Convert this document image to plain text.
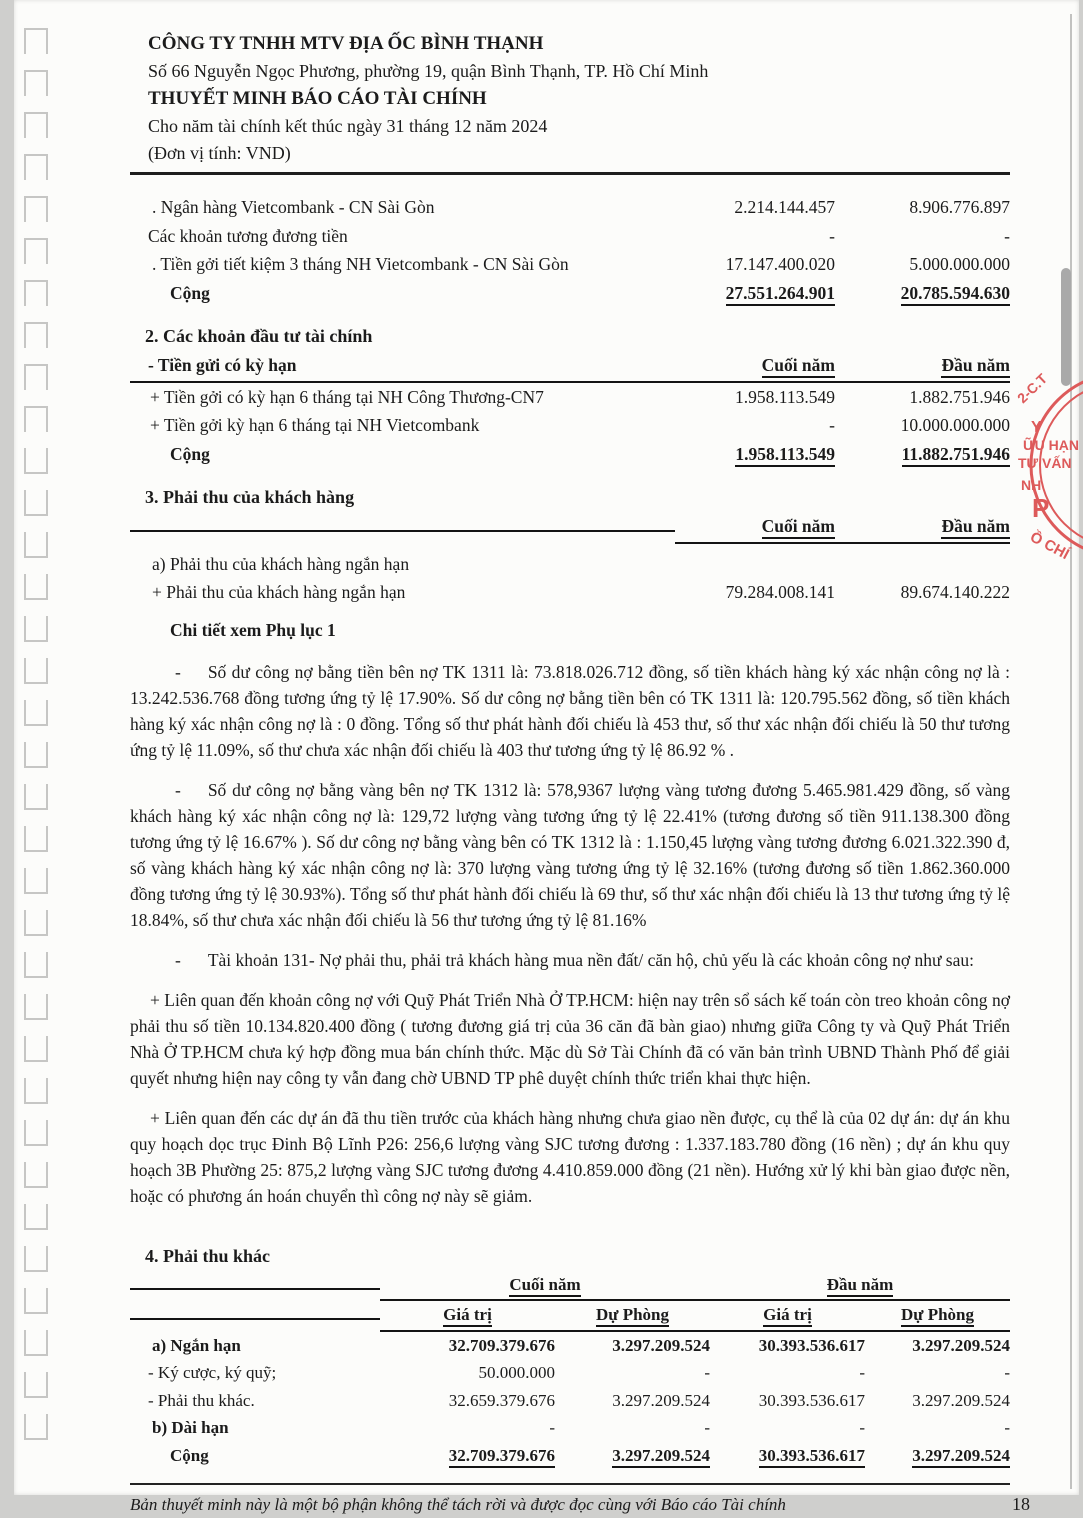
2-C.T
Y
ỮU HẠN
TƯ VẤN
NH
P
Ồ CHÍ
CÔNG TY TNHH MTV ĐỊA ỐC BÌNH THẠNH
Số 66 Nguyễn Ngọc Phương, phường 19, quận Bình Thạnh, TP. Hồ Chí Minh
THUYẾT MINH BÁO CÁO TÀI CHÍNH
Cho năm tài chính kết thúc ngày 31 tháng 12 năm 2024
(Đơn vị tính: VND)
. Ngân hàng Vietcombank - CN Sài Gòn	2.214.144.457	8.906.776.897
Các khoản tương đương tiền	-	-
. Tiền gởi tiết kiệm 3 tháng NH Vietcombank - CN Sài Gòn	17.147.400.020	5.000.000.000
Cộng	27.551.264.901	20.785.594.630
2. Các khoản đầu tư tài chính
- Tiền gửi có kỳ hạn	Cuối năm	Đầu năm
+ Tiền gởi có kỳ hạn 6 tháng tại NH Công Thương-CN7	1.958.113.549	1.882.751.946
+ Tiền gởi kỳ hạn 6 tháng tại NH Vietcombank	-	10.000.000.000
Cộng	1.958.113.549	11.882.751.946
3. Phải thu của khách hàng
Cuối năm	Đầu năm
a) Phải thu của khách hàng ngắn hạn
+ Phải thu của khách hàng ngắn hạn	79.284.008.141	89.674.140.222
Chi tiết xem Phụ lục 1

- Số dư công nợ bằng tiền bên nợ TK 1311 là: 73.818.026.712 đồng, số tiền khách hàng ký xác nhận công nợ là : 13.242.536.768 đồng tương ứng tỷ lệ 17.90%. Số dư công nợ bằng tiền bên có TK 1311 là: 120.795.562 đồng, số tiền khách hàng ký xác nhận công nợ là : 0 đồng. Tổng số thư phát hành đối chiếu là 453 thư, số thư xác nhận đối chiếu là 50 thư tương ứng tỷ lệ 11.09%, số thư chưa xác nhận đối chiếu là 403 thư tương ứng tỷ lệ 86.92 % .

- Số dư công nợ bằng vàng bên nợ TK 1312 là: 578,9367 lượng vàng tương đương 5.465.981.429 đồng, số vàng khách hàng ký xác nhận công nợ là: 129,72 lượng vàng tương ứng tỷ lệ 22.41% (tương đương số tiền 911.138.300 đồng tương ứng tỷ lệ 16.67% ). Số dư công nợ bằng vàng bên có TK 1312 là : 1.150,45 lượng vàng tương đương 6.021.322.390 đ, số vàng khách hàng ký xác nhận công nợ là: 370 lượng vàng tương ứng tỷ lệ 32.16% (tương đương số tiền 1.862.360.000 đồng tương ứng tỷ lệ 30.93%). Tổng số thư phát hành đối chiếu là 69 thư, số thư xác nhận đối chiếu là 13 thư tương ứng tỷ lệ 18.84%, số thư chưa xác nhận đối chiếu là 56 thư tương ứng tỷ lệ 81.16%

- Tài khoản 131- Nợ phải thu, phải trả khách hàng mua nền đất/ căn hộ, chủ yếu là các khoản công nợ như sau:

+ Liên quan đến khoản công nợ với Quỹ Phát Triển Nhà Ở TP.HCM: hiện nay trên sổ sách kế toán còn treo khoản công nợ phải thu số tiền 10.134.820.400 đồng ( tương đương giá trị của 36 căn đã bàn giao) nhưng giữa Công ty và Quỹ Phát Triển Nhà Ở TP.HCM chưa ký hợp đồng mua bán chính thức. Mặc dù Sở Tài Chính đã có văn bản trình UBND Thành Phố để giải quyết nhưng hiện nay công ty vẫn đang chờ UBND TP phê duyệt chính thức triển khai thực hiện.

+ Liên quan đến các dự án đã thu tiền trước của khách hàng nhưng chưa giao nền được, cụ thể là của 02 dự án: dự án khu quy hoạch dọc trục Đinh Bộ Lĩnh P26: 256,6 lượng vàng SJC tương đương : 1.337.183.780 đồng (16 nền) ; dự án khu quy hoạch 3B Phường 25: 875,2 lượng vàng SJC tương đương 4.410.859.000 đồng (21 nền). Hướng xử lý khi bàn giao được nền, hoặc có phương án hoán chuyển thì công nợ này sẽ giảm.

4. Phải thu khác
Cuối năm	Đầu năm
Giá trị	Dự Phòng	Giá trị	Dự Phòng
a) Ngắn hạn	32.709.379.676	3.297.209.524	30.393.536.617	3.297.209.524
- Ký cược, ký quỹ;	50.000.000	-	-	-
- Phải thu khác.	32.659.379.676	3.297.209.524	30.393.536.617	3.297.209.524
b) Dài hạn	-	-	-	-
Cộng	32.709.379.676	3.297.209.524	30.393.536.617	3.297.209.524
Bản thuyết minh này là một bộ phận không thể tách rời và được đọc cùng với Báo cáo Tài chính	18
